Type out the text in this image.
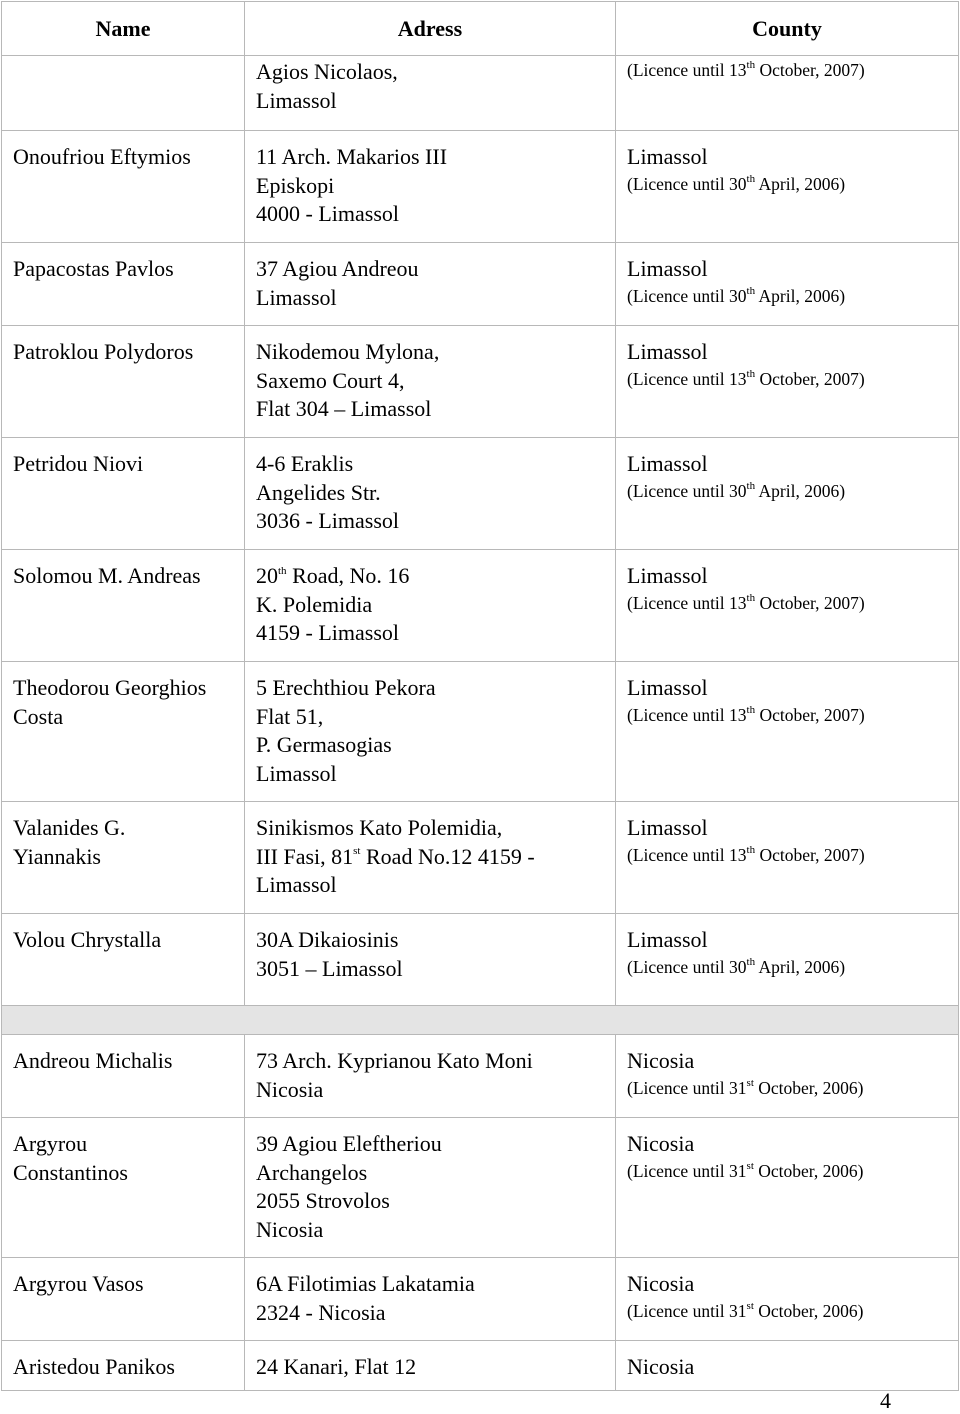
Name	Adress	County

	Agios Nicolaos,
Limassol	(Licence until 13th October, 2007)

Onoufriou Eftymios	11 Arch. Makarios III
Episkopi
4000 - Limassol	Limassol
(Licence until 30th April, 2006)

Papacostas Pavlos	37 Agiou Andreou
Limassol	Limassol
(Licence until 30th April, 2006)

Patroklou Polydoros	Nikodemou Mylona,
Saxemo Court 4,
Flat 304 – Limassol	Limassol
(Licence until 13th October, 2007)

Petridou Niovi	4-6 Eraklis
Angelides Str.
3036 - Limassol	Limassol
(Licence until 30th April, 2006)

Solomou M. Andreas	20th Road, No. 16
K. Polemidia
4159 - Limassol	Limassol
(Licence until 13th October, 2007)

Theodorou Georghios
Costa	5 Erechthiou Pekora
Flat 51,
P. Germasogias
Limassol	Limassol
(Licence until 13th October, 2007)

Valanides G.
Yiannakis	Sinikismos Kato Polemidia,
III Fasi, 81st Road No.12 4159 -
Limassol	Limassol
(Licence until 13th October, 2007)

Volou Chrystalla	30A Dikaiosinis
3051 – Limassol	Limassol
(Licence until 30th April, 2006)

Andreou Michalis	73 Arch. Kyprianou Kato Moni
Nicosia	Nicosia
(Licence until 31st October, 2006)

Argyrou
Constantinos	39 Agiou Eleftheriou
Archangelos
2055 Strovolos
Nicosia	Nicosia
(Licence until 31st October, 2006)

Argyrou Vasos	6A Filotimias Lakatamia
2324 - Nicosia	Nicosia
(Licence until 31st October, 2006)

Aristedou Panikos	24 Kanari, Flat 12	Nicosia
4
